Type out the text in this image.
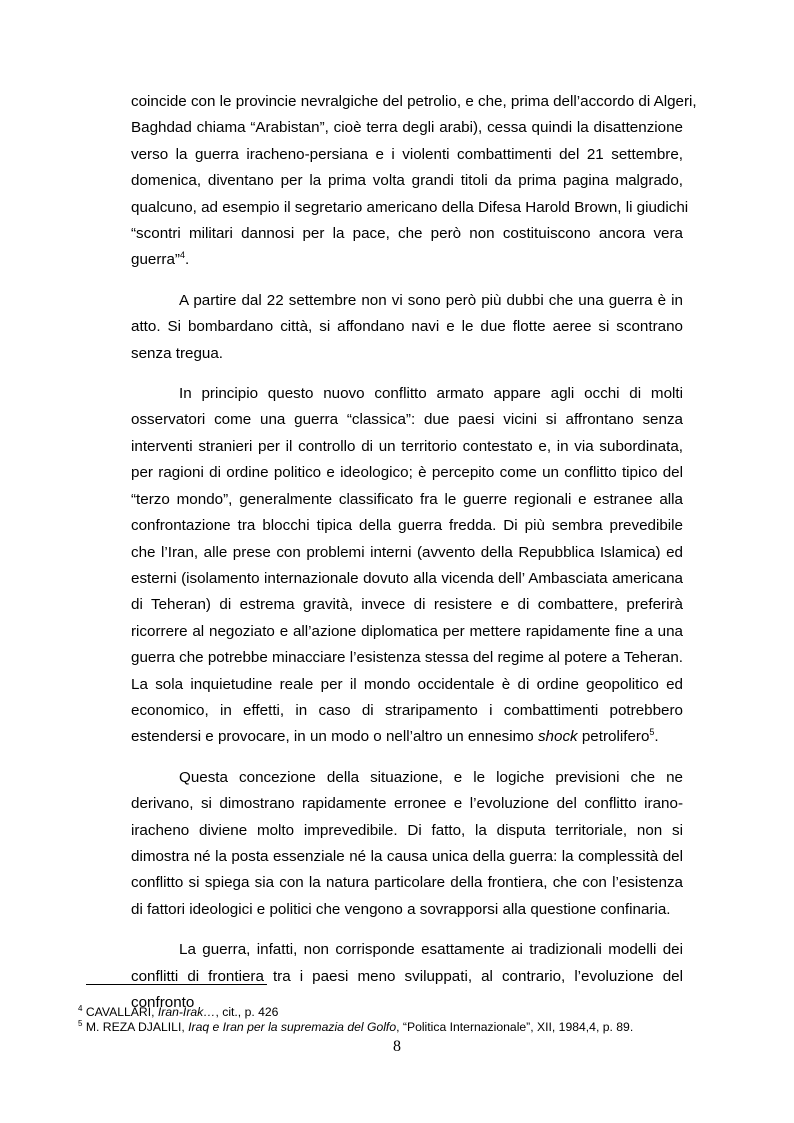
coincide con le provincie nevralgiche del petrolio, e che, prima dell’accordo di Algeri,
Baghdad chiama “Arabistan”, cioè terra degli arabi), cessa quindi la disattenzione
verso la guerra iracheno-persiana e i violenti combattimenti del 21 settembre,
domenica, diventano per la prima volta grandi titoli da prima pagina malgrado,
qualcuno, ad esempio il segretario americano della Difesa Harold Brown, li giudichi
“scontri militari dannosi per la pace, che però non costituiscono ancora vera
guerra”$^4$.

A partire dal 22 settembre non vi sono però più dubbi che una guerra è in atto. Si bombardano città, si affondano navi e le due flotte aeree si scontrano senza tregua.

In principio questo nuovo conflitto armato appare agli occhi di molti osservatori come una guerra “classica”: due paesi vicini si affrontano senza interventi stranieri per il controllo di un territorio contestato e, in via subordinata, per ragioni di ordine politico e ideologico; è percepito come un conflitto tipico del “terzo mondo”, generalmente classificato fra le guerre regionali e estranee alla confrontazione tra blocchi tipica della guerra fredda. Di più sembra prevedibile che l’Iran, alle prese con problemi interni (avvento della Repubblica Islamica) ed esterni (isolamento internazionale dovuto alla vicenda dell’ Ambasciata americana di Teheran) di estrema gravità, invece di resistere e di combattere, preferirà ricorrere al negoziato e all’azione diplomatica per mettere rapidamente fine a una guerra che potrebbe minacciare l’esistenza stessa del regime al potere a Teheran. La sola inquietudine reale per il mondo occidentale è di ordine geopolitico ed economico, in effetti, in caso di straripamento i combattimenti potrebbero estendersi e provocare, in un modo o nell’altro un ennesimo shock petrolifero$^5$.

Questa concezione della situazione, e le logiche previsioni che ne derivano, si dimostrano rapidamente erronee e l’evoluzione del conflitto irano-iracheno diviene molto imprevedibile. Di fatto, la disputa territoriale, non si dimostra né la posta essenziale né la causa unica della guerra: la complessità del conflitto si spiega sia con la natura particolare della frontiera, che con l’esistenza di fattori ideologici e politici che vengono a sovrapporsi alla questione confinaria.

La guerra, infatti, non corrisponde esattamente ai tradizionali modelli dei conflitti di frontiera tra i paesi meno sviluppati, al contrario, l’evoluzione del confronto

$^4$ CAVALLARI, Iran-Irak…, cit., p. 426

$^5$ M. REZA DJALILI, Iraq e Iran per la supremazia del Golfo, “Politica Internazionale”, XII, 1984,4, p. 89.

8
